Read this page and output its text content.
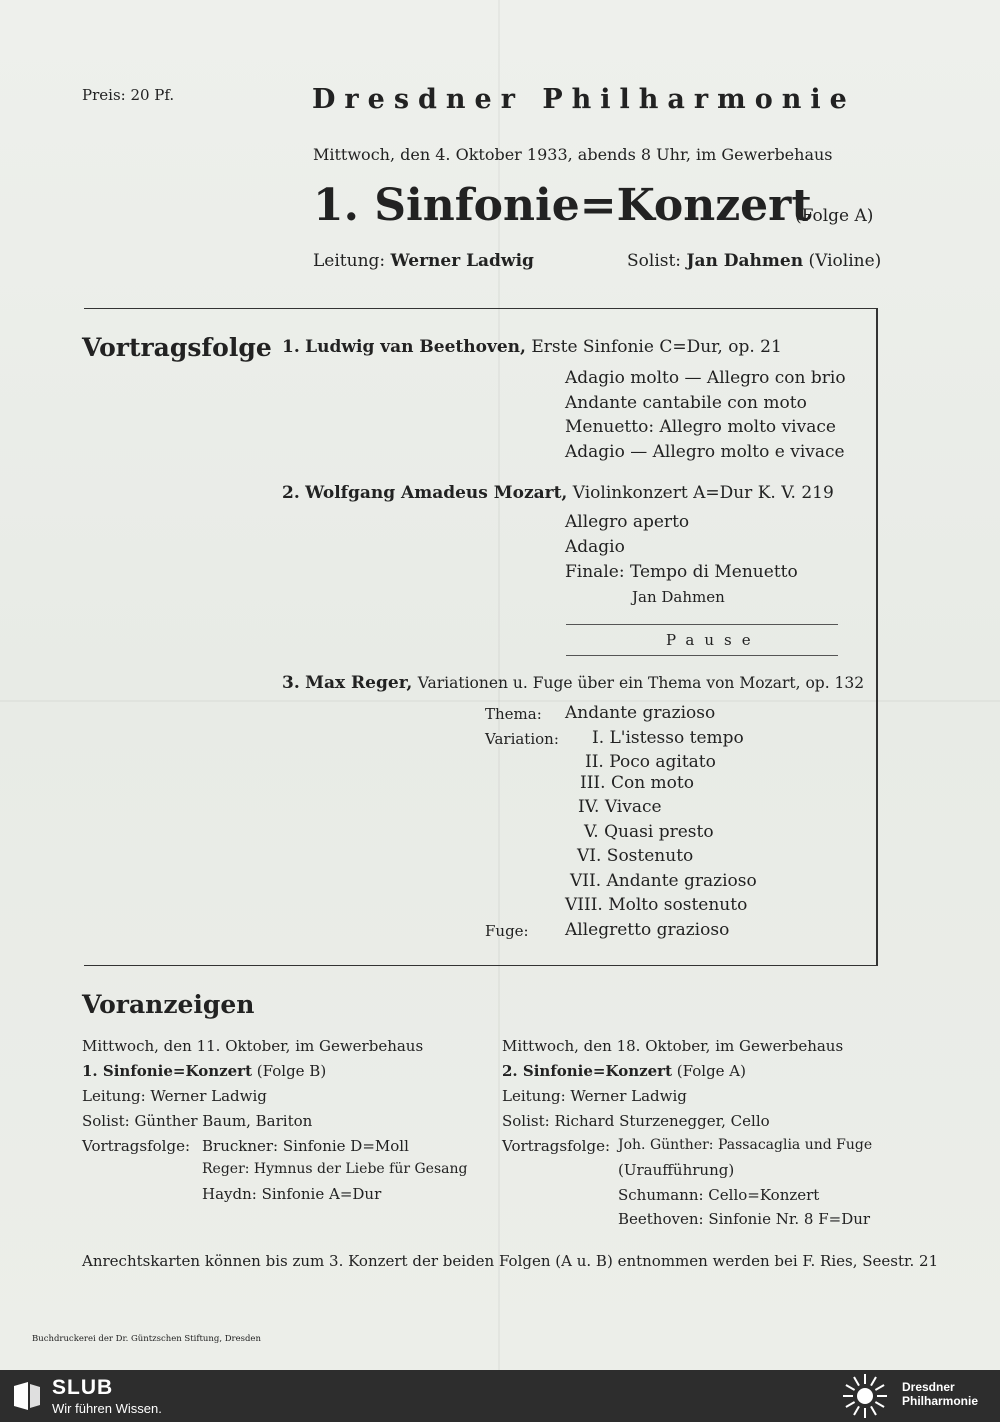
Preis: 20 Pf.	Dresdner Philharmonie
Mittwoch, den 4. Oktober 1933, abends 8 Uhr, im Gewerbehaus
1. Sinfonie=Konzert
(Folge A)
Leitung: Werner Ladwig	Solist: Jan Dahmen (Violine)
Vortragsfolge 1. Ludwig van Beethoven, Erste Sinfonie C=Dur, op. 21
Adagio molto — Allegro con brio
Andante cantabile con moto
Menuetto: Allegro molto vivace
Adagio — Allegro molto e vivace
2. Wolfgang Amadeus Mozart, Violinkonzert A=Dur K. V. 219
Allegro aperto
Adagio
Finale: Tempo di Menuetto
Jan Dahmen
Pause
3. Max Reger, Variationen u. Fuge über ein Thema von Mozart, op. 132
Thema: Andante grazioso
Variation: I. L'istesso tempo
II. Poco agitato
III. Con moto
IV. Vivace
V. Quasi presto
VI. Sostenuto
VII. Andante grazioso
VIII. Molto sostenuto
Fuge: Allegretto grazioso
Voranzeigen
Mittwoch, den 11. Oktober, im Gewerbehaus
1. Sinfonie=Konzert (Folge B)
Leitung: Werner Ladwig
Solist: Günther Baum, Bariton
Vortragsfolge: Bruckner: Sinfonie D=Moll
Reger: Hymnus der Liebe für Gesang
Haydn: Sinfonie A=Dur
Mittwoch, den 18. Oktober, im Gewerbehaus
2. Sinfonie=Konzert (Folge A)
Leitung: Werner Ladwig
Solist: Richard Sturzenegger, Cello
Vortragsfolge: Joh. Günther: Passacaglia und Fuge
(Uraufführung)
Schumann: Cello=Konzert
Beethoven: Sinfonie Nr. 8 F=Dur
Anrechtskarten können bis zum 3. Konzert der beiden Folgen (A u. B) entnommen werden bei F. Ries, Seestr. 21
Buchdruckerei der Dr. Güntzschen Stiftung, Dresden
SLUB
Wir führen Wissen.
Dresdner
Philharmonie
